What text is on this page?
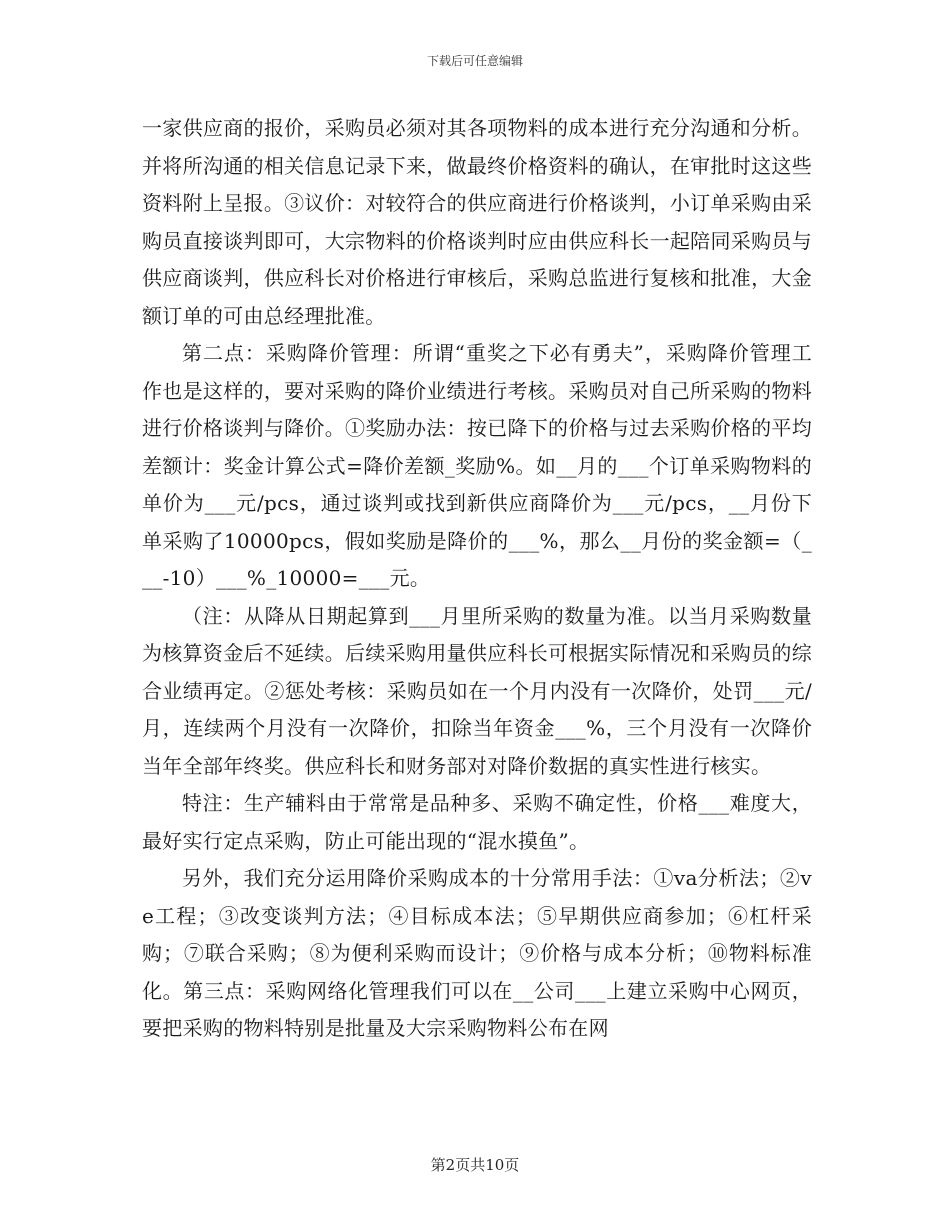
下载后可任意编辑

一家供应商的报价，采购员必须对其各项物料的成本进行充分沟通和分析。并将所沟通的相关信息记录下来，做最终价格资料的确认，在审批时这这些资料附上呈报。③议价：对较符合的供应商进行价格谈判，小订单采购由采购员直接谈判即可，大宗物料的价格谈判时应由供应科长一起陪同采购员与供应商谈判，供应科长对价格进行审核后，采购总监进行复核和批准，大金额订单的可由总经理批准。

第二点：采购降价管理：所谓“重奖之下必有勇夫”，采购降价管理工作也是这样的，要对采购的降价业绩进行考核。采购员对自己所采购的物料进行价格谈判与降价。①奖励办法：按已降下的价格与过去采购价格的平均差额计：奖金计算公式=降价差额_奖励%。如__月的___个订单采购物料的单价为___元/pcs，通过谈判或找到新供应商降价为___元/pcs，__月份下单采购了10000pcs，假如奖励是降价的___%，那么__月份的奖金额=（___-10）___%_10000=___元。

（注：从降从日期起算到___月里所采购的数量为准。以当月采购数量为核算资金后不延续。后续采购用量供应科长可根据实际情况和采购员的综合业绩再定。②惩处考核：采购员如在一个月内没有一次降价，处罚___元/月，连续两个月没有一次降价，扣除当年资金___%，三个月没有一次降价当年全部年终奖。供应科长和财务部对对降价数据的真实性进行核实。

特注：生产辅料由于常常是品种多、采购不确定性，价格___难度大，最好实行定点采购，防止可能出现的“混水摸鱼”。

另外，我们充分运用降价采购成本的十分常用手法：①va分析法；②ve工程；③改变谈判方法；④目标成本法；⑤早期供应商参加；⑥杠杆采购；⑦联合采购；⑧为便利采购而设计；⑨价格与成本分析；⑩物料标准化。第三点：采购网络化管理我们可以在__公司___上建立采购中心网页，要把采购的物料特别是批量及大宗采购物料公布在网

第2页共10页
